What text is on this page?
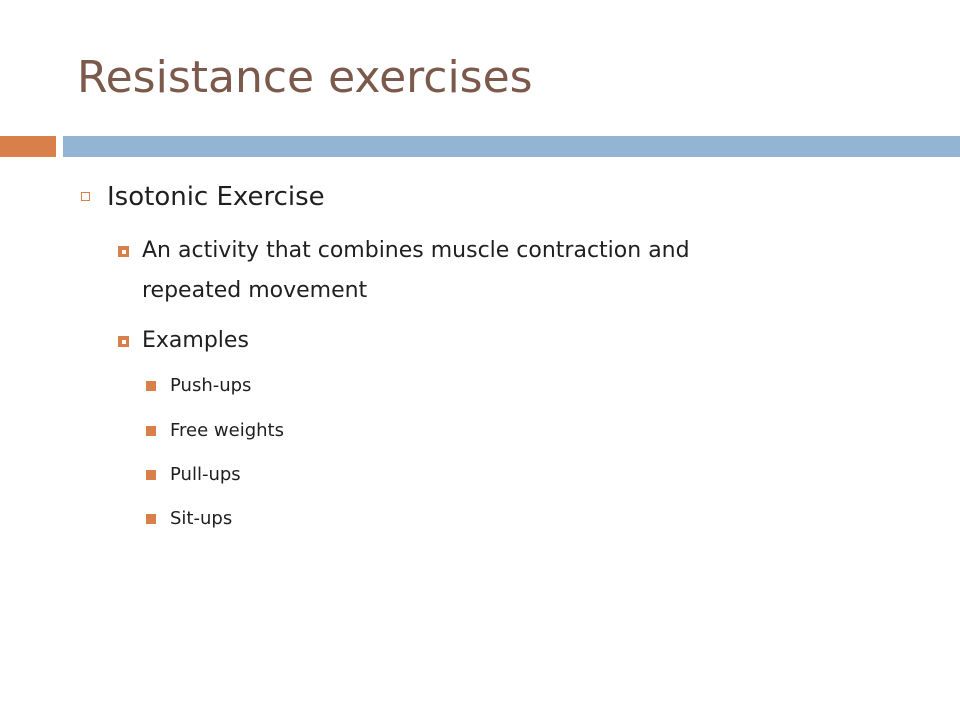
Resistance exercises
Isotonic Exercise
An activity that combines muscle contraction and
repeated movement
Examples
Push-ups
Free weights
Pull-ups
Sit-ups
